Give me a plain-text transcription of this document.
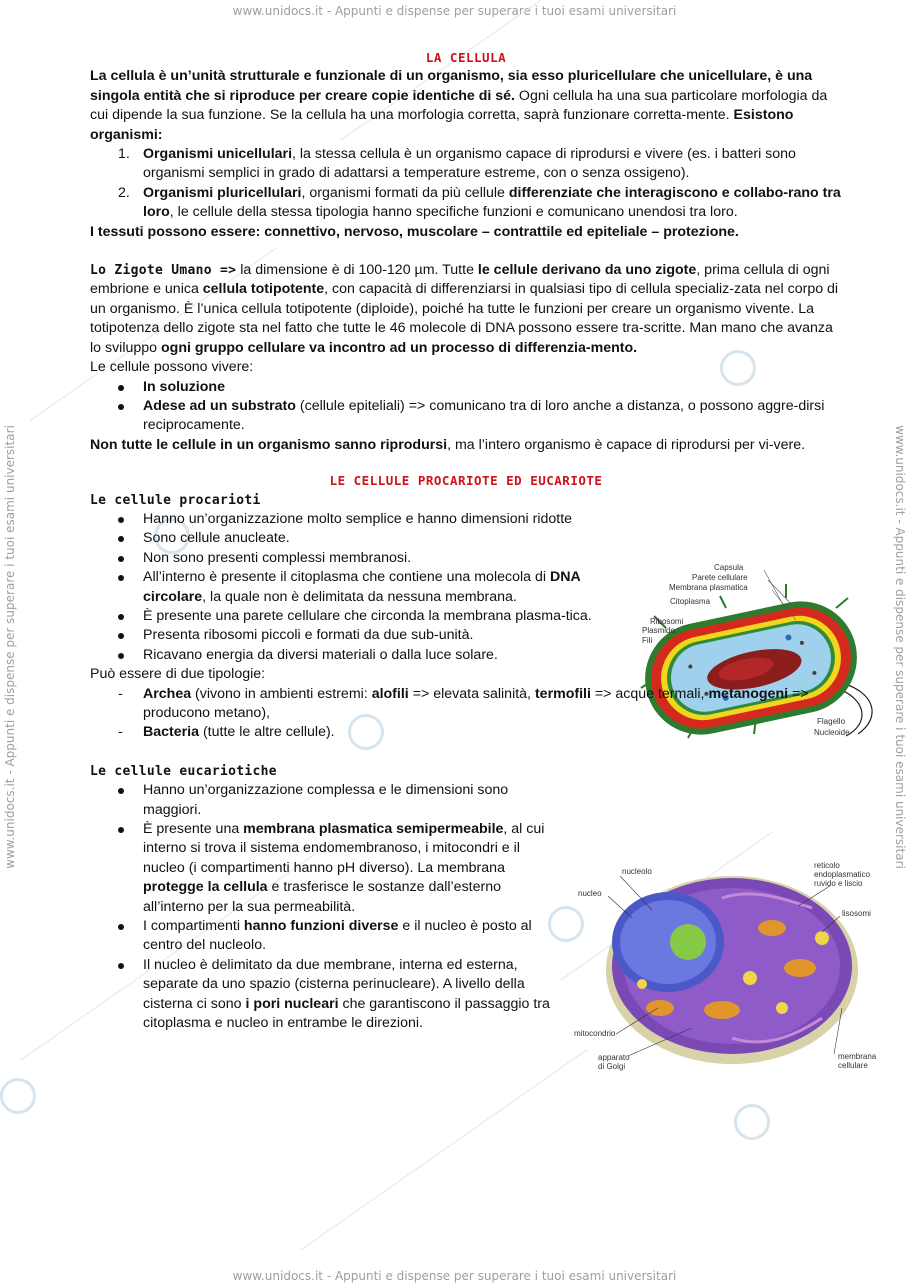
www.unidocs.it - Appunti e dispense per superare i tuoi esami universitari
www.unidocs.it - Appunti e dispense per superare i tuoi esami universitari
www.unidocs.it - Appunti e dispense per superare i tuoi esami universitari	www.unidocs.it - Appunti e dispense per superare i tuoi esami universitari
Capsula
Parete cellulare
Membrana plasmatica
Citoplasma
Ribosomi
Plasmide
Fili
Flagello
Nucleoide
nucleolo
nucleo
reticolo
endoplasmatico
ruvido e liscio
lisosomi
mitocondrio
apparato
di Golgi
membrana
cellulare

LA CELLULA

La cellula è un’unità strutturale e funzionale di un organismo, sia esso pluricellulare che unicellulare, è una singola entità che si riproduce per creare copie identiche di sé. Ogni cellula ha una sua particolare morfologia da cui dipende la sua funzione. Se la cellula ha una morfologia corretta, saprà funzionare corretta-mente. Esistono organismi:

1. Organismi unicellulari, la stessa cellula è un organismo capace di riprodursi e vivere (es. i batteri sono organismi semplici in grado di adattarsi a temperature estreme, con o senza ossigeno).
2. Organismi pluricellulari, organismi formati da più cellule differenziate che interagiscono e collabo-rano tra loro, le cellule della stessa tipologia hanno specifiche funzioni e comunicano unendosi tra loro.

I tessuti possono essere: connettivo, nervoso, muscolare – contrattile ed epiteliale – protezione.

Lo Zigote Umano => la dimensione è di 100-120 µm. Tutte le cellule derivano da uno zigote, prima cellula di ogni embrione e unica cellula totipotente, con capacità di differenziarsi in qualsiasi tipo di cellula specializ-zata nel corpo di un organismo. È l’unica cellula totipotente (diploide), poiché ha tutte le funzioni per creare un organismo vivente. La totipotenza dello zigote sta nel fatto che tutte le 46 molecole di DNA possono essere tra-scritte. Man mano che avanza lo sviluppo ogni gruppo cellulare va incontro ad un processo di differenzia-mento.

Le cellule possono vivere:

In soluzione
Adese ad un substrato (cellule epiteliali) => comunicano tra di loro anche a distanza, o possono aggre-dirsi reciprocamente.

Non tutte le cellule in un organismo sanno riprodursi, ma l’intero organismo è capace di riprodursi per vi-vere.

LE CELLULE PROCARIOTE ED EUCARIOTE

Le cellule procarioti

Hanno un’organizzazione molto semplice e hanno dimensioni ridotte
Sono cellule anucleate.
Non sono presenti complessi membranosi.
All’interno è presente il citoplasma che contiene una molecola di DNA circolare, la quale non è delimitata da nessuna membrana.
È presente una parete cellulare che circonda la membrana plasma-tica.
Presenta ribosomi piccoli e formati da due sub-unità.
Ricavano energia da diversi materiali o dalla luce solare.

Può essere di due tipologie:

- Archea (vivono in ambienti estremi: alofili => elevata salinità, termofili => acque termali, metanogeni => producono metano),
- Bacteria (tutte le altre cellule).

Le cellule eucariotiche

Hanno un’organizzazione complessa e le dimensioni sono maggiori.
È presente una membrana plasmatica semipermeabile, al cui interno si trova il sistema endomembranoso, i mitocondri e il nucleo (i compartimenti hanno pH diverso). La membrana protegge la cellula e trasferisce le sostanze dall’esterno all’interno per la sua permeabilità.
I compartimenti hanno funzioni diverse e il nucleo è posto al centro del nucleolo.
Il nucleo è delimitato da due membrane, interna ed esterna, separate da uno spazio (cisterna perinucleare). A livello della cisterna ci sono i pori nucleari che garantiscono il passaggio tra citoplasma e nucleo in entrambe le direzioni.
